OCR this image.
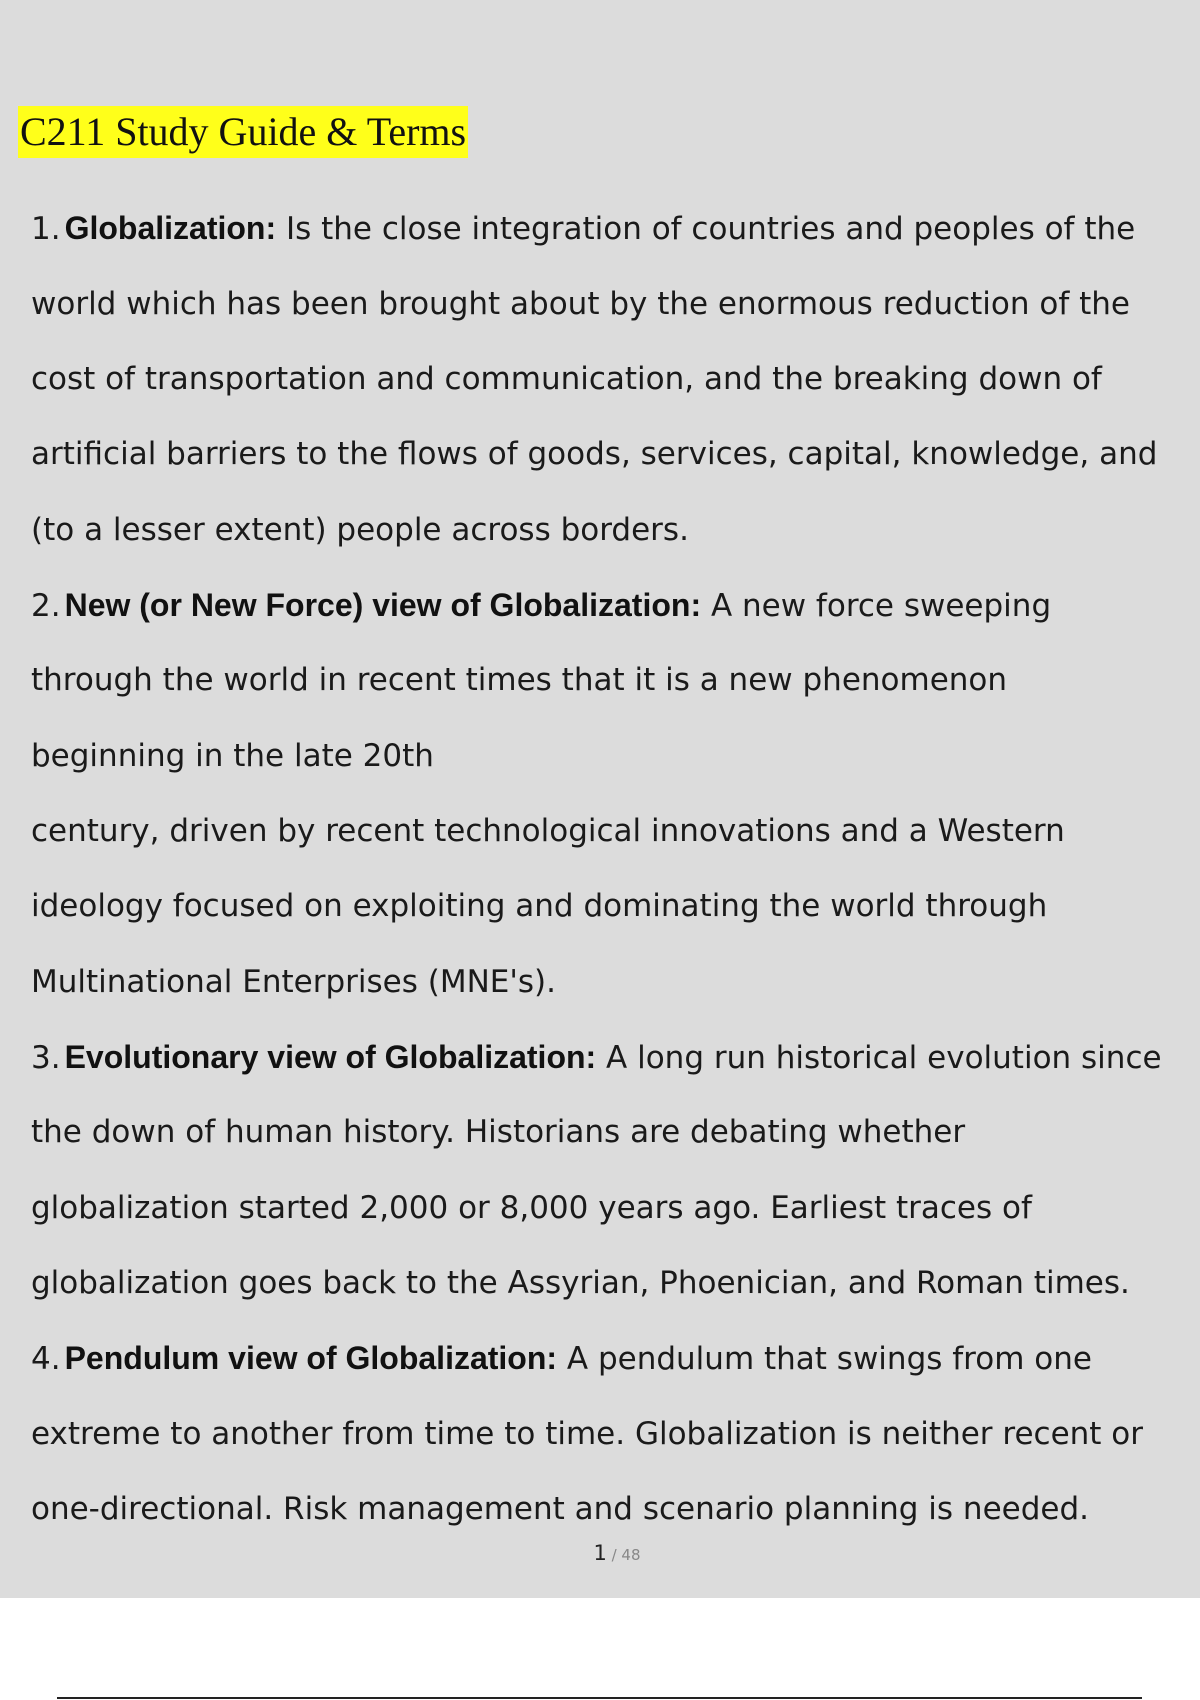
C211 Study Guide & Terms
1. Globalization: Is the close integration of countries and peoples of the
world which has been brought about by the enormous reduction of the
cost of transportation and communication, and the breaking down of
artificial barriers to the flows of goods, services, capital, knowledge, and
(to a lesser extent) people across borders.
2. New (or New Force) view of Globalization: A new force sweeping
through the world in recent times that it is a new phenomenon
beginning in the late 20th
century, driven by recent technological innovations and a Western
ideology focused on exploiting and dominating the world through
Multinational Enterprises (MNE's).
3. Evolutionary view of Globalization: A long run historical evolution since
the down of human history. Historians are debating whether
globalization started 2,000 or 8,000 years ago. Earliest traces of
globalization goes back to the Assyrian, Phoenician, and Roman times.
4. Pendulum view of Globalization: A pendulum that swings from one
extreme to another from time to time. Globalization is neither recent or
one-directional. Risk management and scenario planning is needed.
1 / 48
